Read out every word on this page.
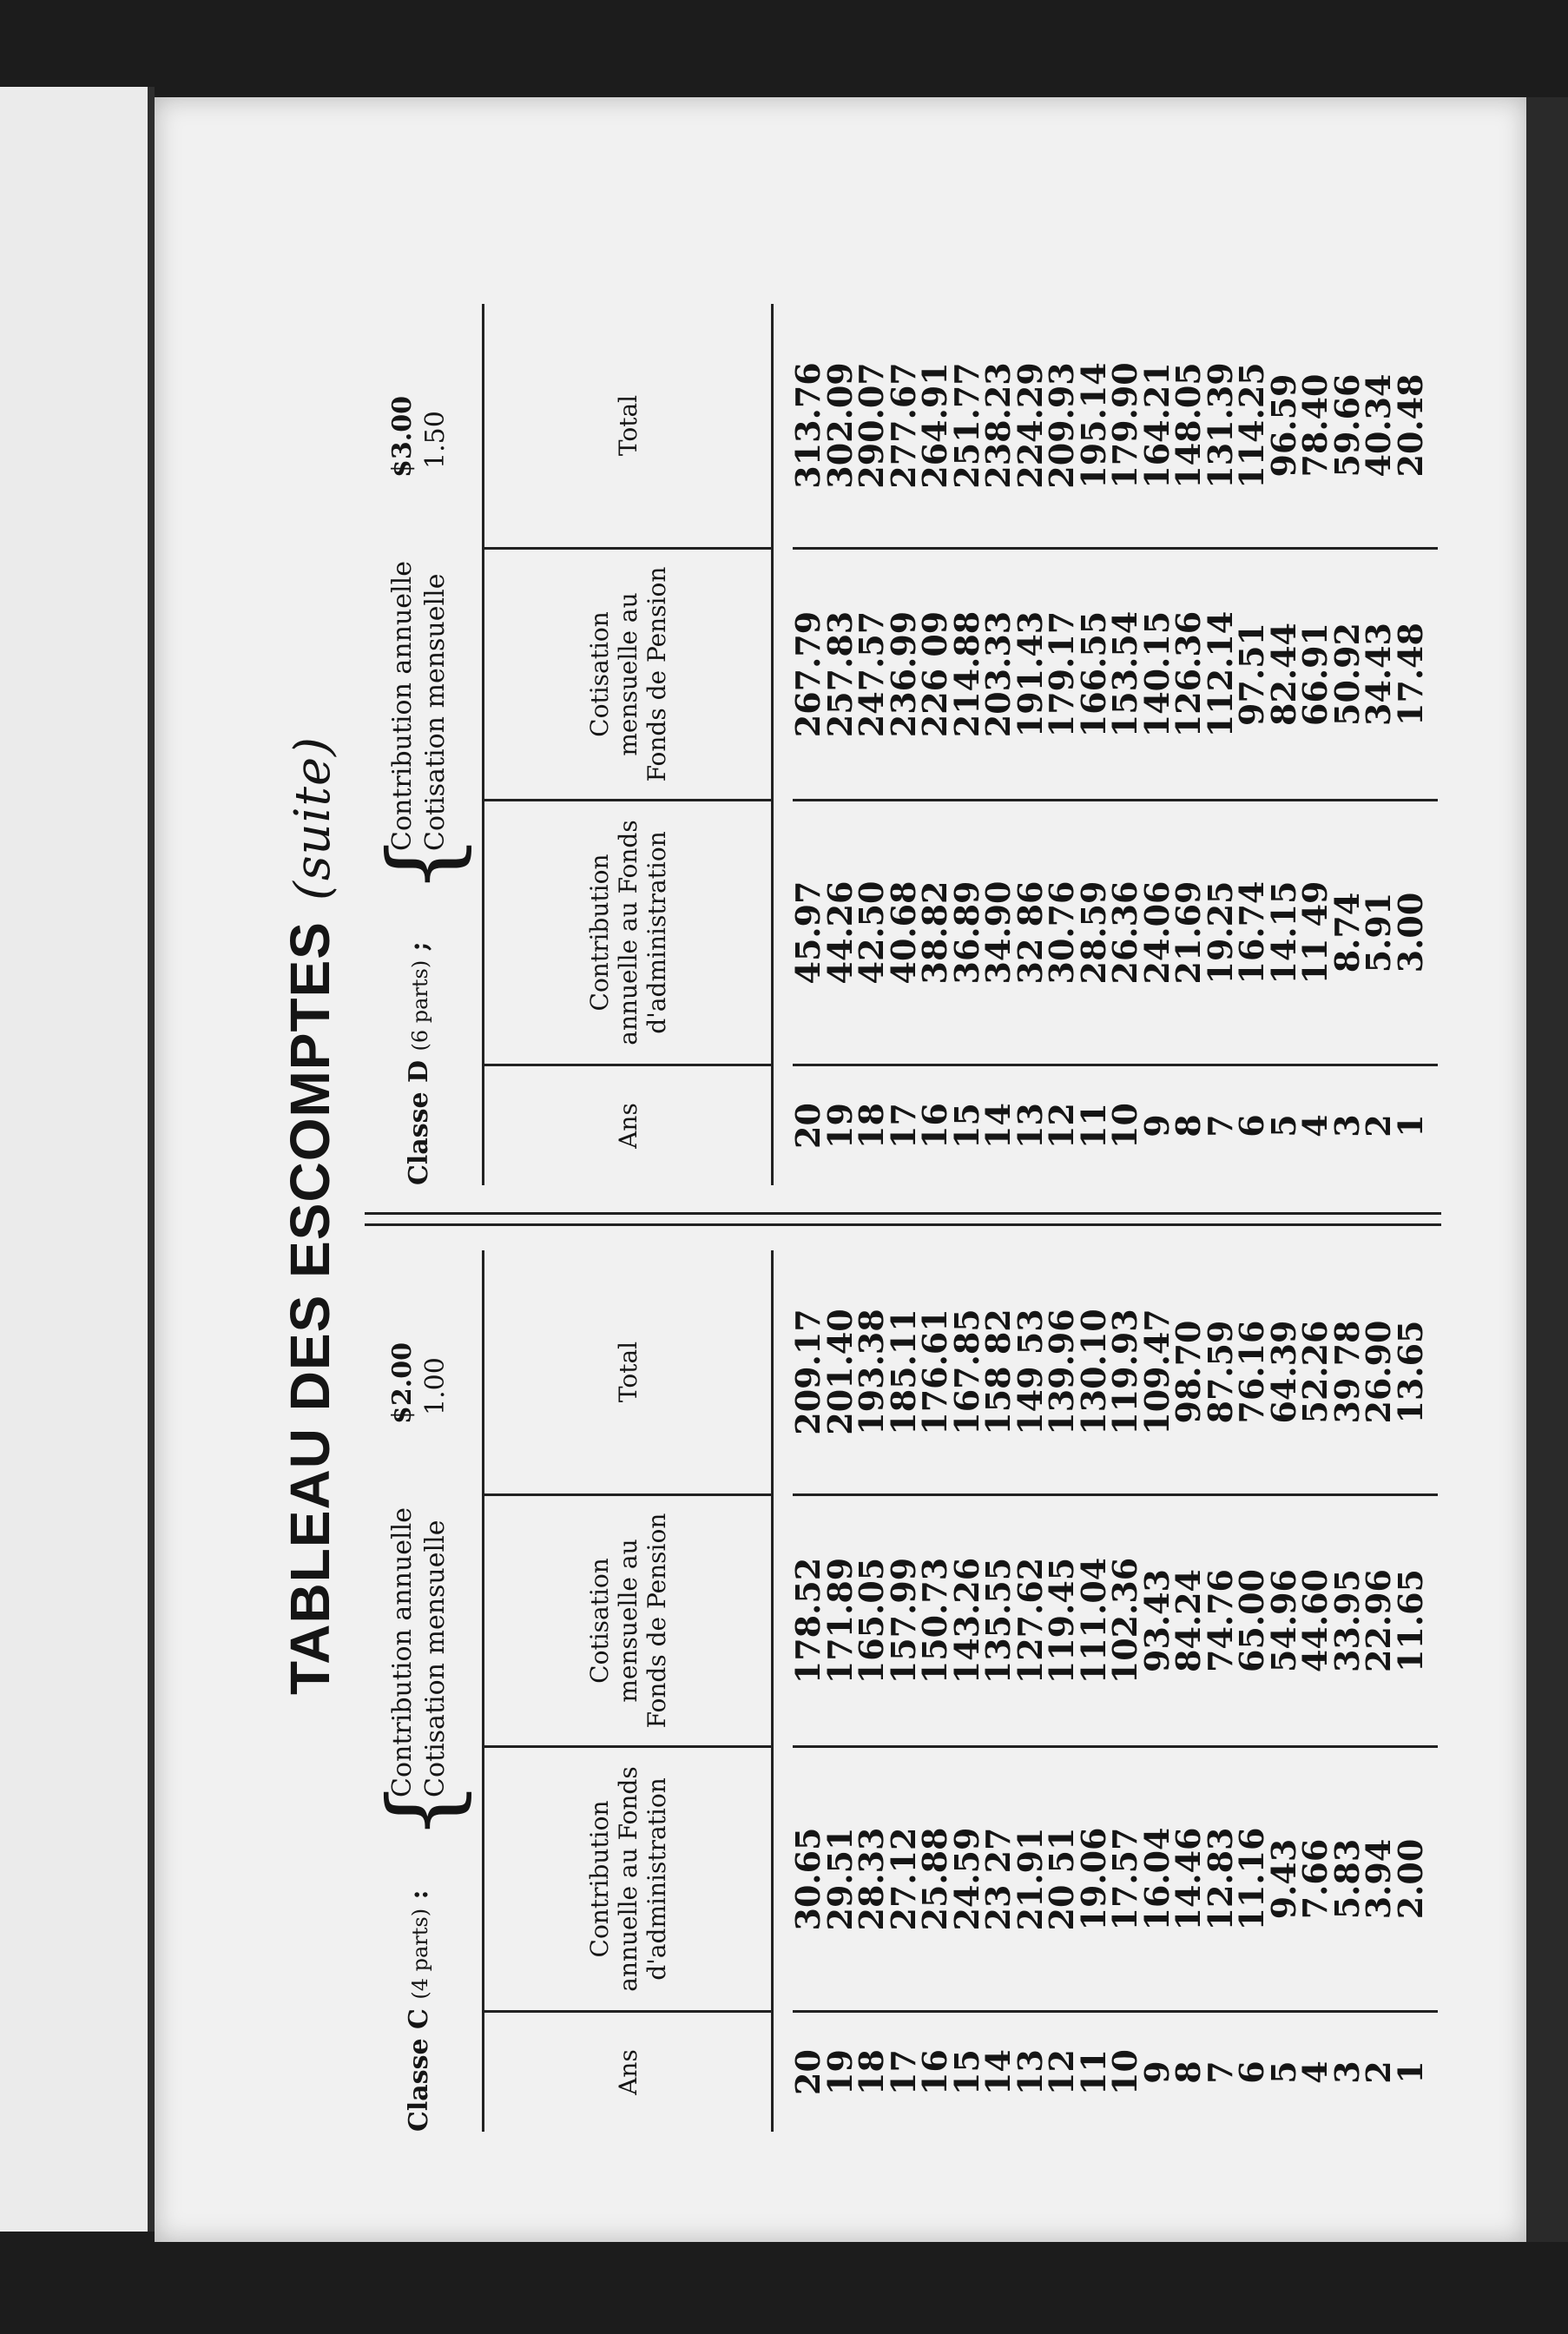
TABLEAU DES ESCOMPTES(suite)
Classe C (4 parts) :
{
Contribution annuelle Cotisation mensuelle
$2.00 1.00
Ans
Contribution annuelle au Fonds d'administration
Cotisation mensuelle au Fonds de Pension
Total
20
19
18
17
16
15
14
13
12
11
10
9
8
7
6
5
4
3
2
1
30.65
29.51
28.33
27.12
25.88
24.59
23 27
21.91
20 51
19.06
17.57
16.04
14.46
12.83
11.16
9.43
7.66
5.83
3.94
2.00
178.52
171.89
165.05
157.99
150.73
143.26
135.55
127.62
119.45
111.04
102.36
93.43
84.24
74.76
65.00
54.96
44.60
33.95
22.96
11.65
209.17
201.40
193.38
185.11
176.61
167.85
158 82
149 53
139.96
130.10
119.93
109.47
98.70
87.59
76.16
64.39
52.26
39 78
26.90
13.65
Classe D (6 parts) ;
{
Contribution annuelle Cotisation mensuelle
$3.00 1.50
Ans
Contribution annuelle au Fonds d'administration
Cotisation mensuelle au Fonds de Pension
Total
20
19
18
17
16
15
14
13
12
11
10
9
8
7
6
5
4
3
2
1
45.97
44.26
42.50
40.68
38.82
36.89
34.90
32 86
30.76
28.59
26.36
24.06
21.69
19.25
16.74
14.15
11 49
8.74
5.91
3.00
267.79
257.83
247.57
236.99
226 09
214.88
203.33
191.43
179.17
166.55
153.54
140.15
126.36
112.14
97.51
82.44
66.91
50.92
34.43
17.48
313.76
302.09
290.07
277.67
264.91
251.77
238.23
224.29
209.93
195.14
179.90
164.21
148.05
131.39
114.25
96.59
78.40
59.66
40.34
20.48
